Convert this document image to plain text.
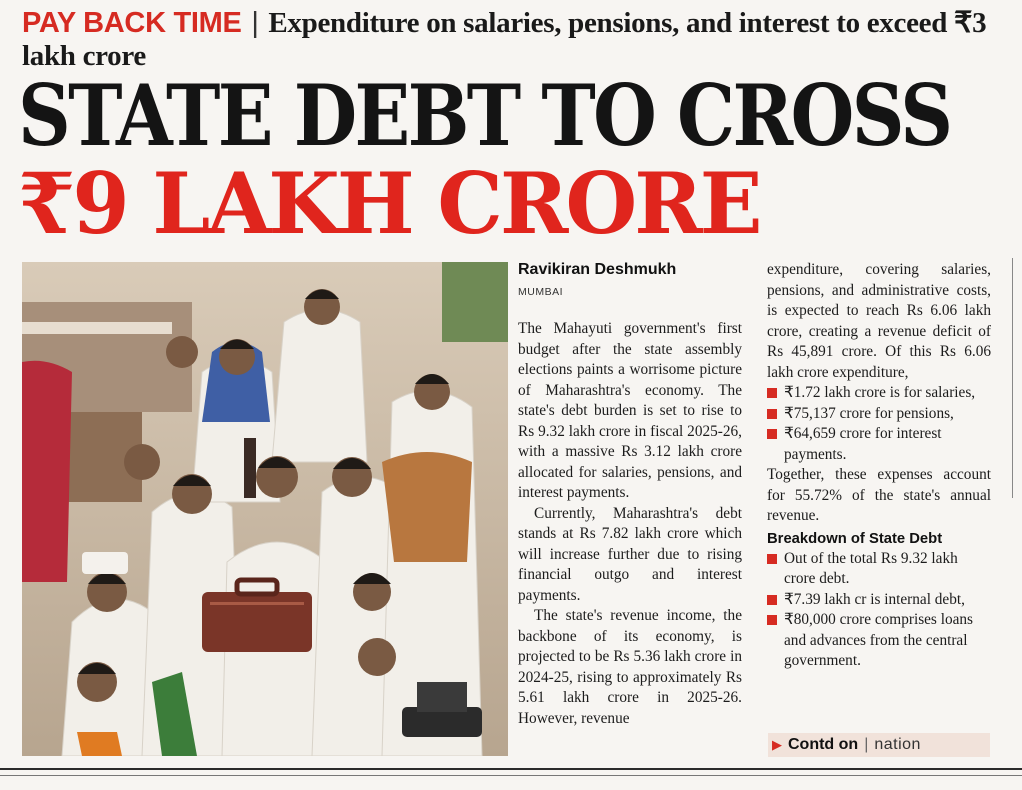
PAY BACK TIME | Expenditure on salaries, pensions, and interest to exceed ₹3 lakh crore
STATE DEBT TO CROSS
₹9 LAKH CRORE
Ravikiran Deshmukh
MUMBAI
The Mahayuti government's first budget after the state assembly elections paints a worrisome picture of Maharashtra's economy. The state's debt burden is set to rise to Rs 9.32 lakh crore in fiscal 2025-26, with a massive Rs 3.12 lakh crore allocated for salaries, pensions, and interest payments.
Currently, Maharashtra's debt stands at Rs 7.82 lakh crore which will increase further due to rising financial outgo and interest payments.
The state's revenue income, the backbone of its economy, is projected to be Rs 5.36 lakh crore in 2024-25, rising to approximately Rs 5.61 lakh crore in 2025-26. However, revenue
expenditure, covering salaries, pensions, and administrative costs, is expected to reach Rs 6.06 lakh crore, creating a revenue deficit of Rs 45,891 crore. Of this Rs 6.06 lakh crore expenditure,
₹1.72 lakh crore is for salaries,
₹75,137 crore for pensions,
₹64,659 crore for interest payments.
Together, these expenses account for 55.72% of the state's annual revenue.
Breakdown of State Debt
Out of the total Rs 9.32 lakh crore debt.
₹7.39 lakh cr is internal debt,
₹80,000 crore comprises loans and advances from the central government.
▶ Contd on | nation
